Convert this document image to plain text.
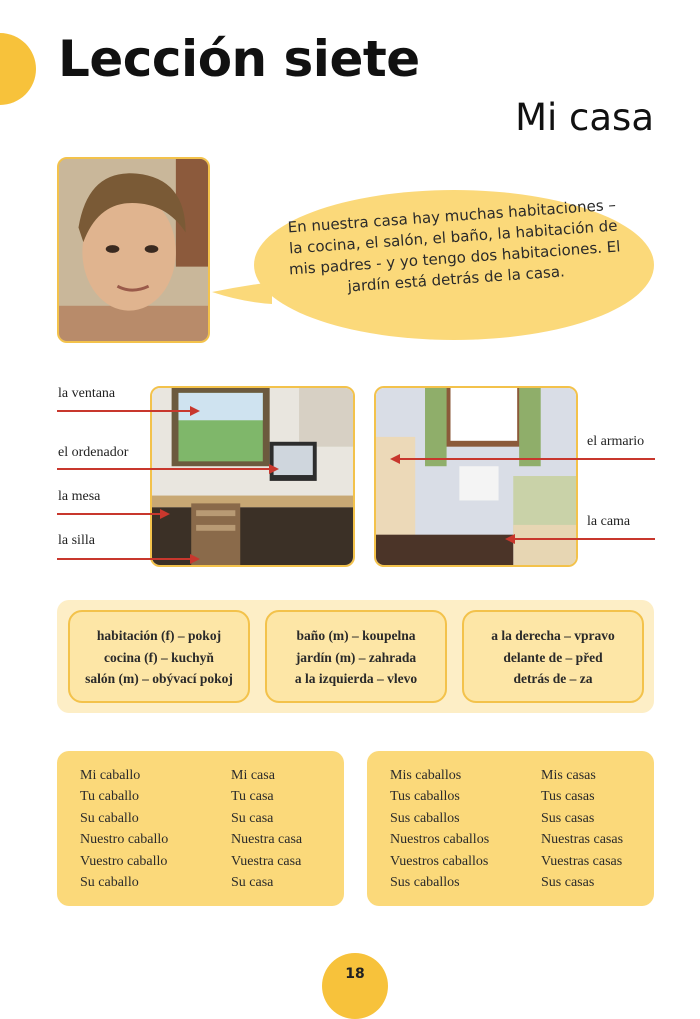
Lección siete
Mi casa
En nuestra casa hay muchas habitaciones – la cocina, el salón, el baño, la habitación de mis padres - y yo tengo dos habitaciones. El jardín está detrás de la casa.
la ventana
el ordenador
la mesa
la silla
el armario
la cama
habitación (f) – pokoj
cocina (f) – kuchyň
salón (m) – obývací pokoj
baño (m) – koupelna
jardín (m) – zahrada
a la izquierda – vlevo
a la derecha – vpravo
delante de – před
detrás de – za
Mi caballo
Tu caballo
Su caballo
Nuestro caballo
Vuestro caballo
Su caballo
Mi casa
Tu casa
Su casa
Nuestra casa
Vuestra casa
Su casa
Mis caballos
Tus caballos
Sus caballos
Nuestros caballos
Vuestros caballos
Sus caballos
Mis casas
Tus casas
Sus casas
Nuestras casas
Vuestras casas
Sus casas
18
